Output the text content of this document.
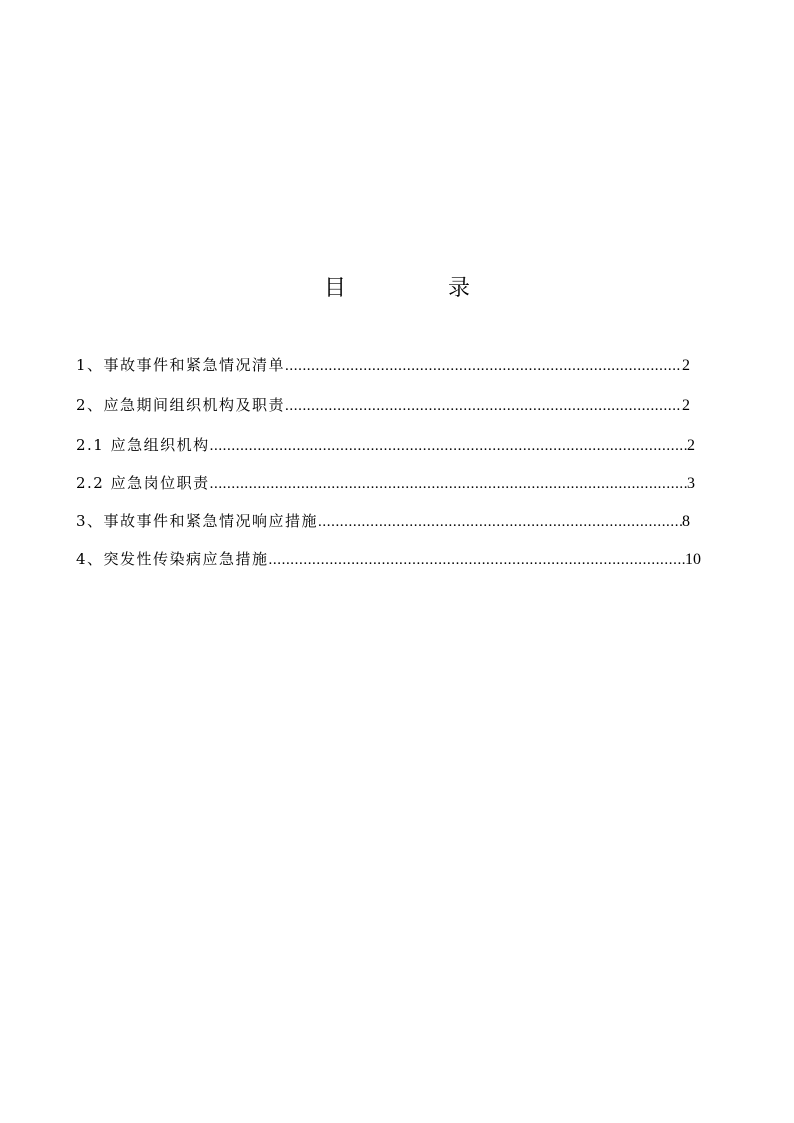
目　录
1、事故事件和紧急情况清单 .....	2
2、应急期间组织机构及职责 .....	2
2.1 应急组织机构 .....	2
2.2 应急岗位职责 .....	3
3、事故事件和紧急情况响应措施 .....	8
4、突发性传染病应急措施 .....	10
